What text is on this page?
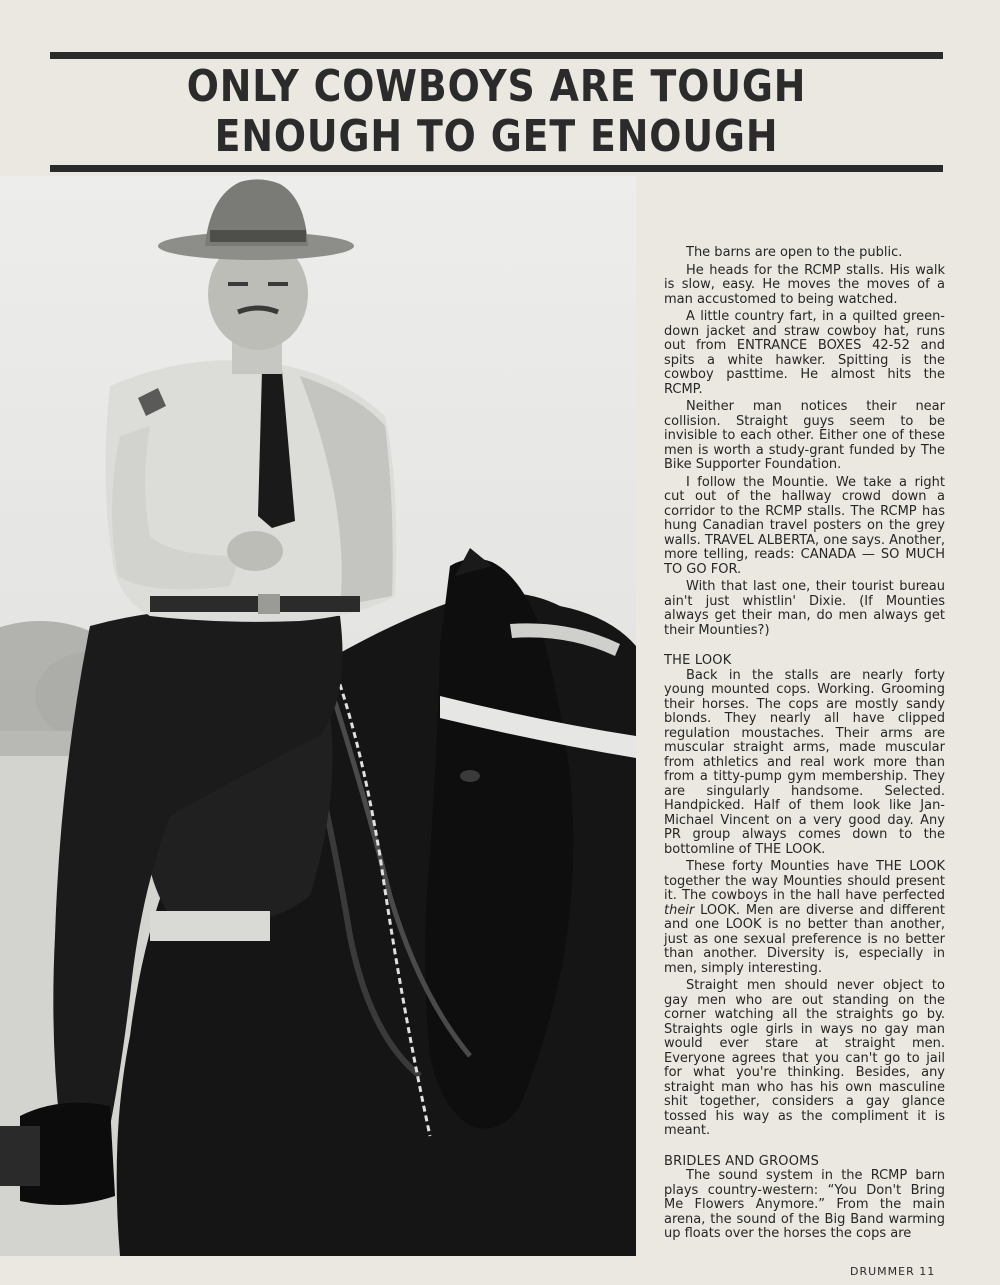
ONLY COWBOYS ARE TOUGH
ENOUGH TO GET ENOUGH

The barns are open to the public.

He heads for the RCMP stalls. His walk is slow, easy. He moves the moves of a man accustomed to being watched.

A little country fart, in a quilted green-down jacket and straw cowboy hat, runs out from ENTRANCE BOXES 42-52 and spits a white hawker. Spitting is the cowboy pasttime. He almost hits the RCMP.

Neither man notices their near collision. Straight guys seem to be invisible to each other. Either one of these men is worth a study-grant funded by The Bike Supporter Foundation.

I follow the Mountie. We take a right cut out of the hallway crowd down a corridor to the RCMP stalls. The RCMP has hung Canadian travel posters on the grey walls. TRAVEL ALBERTA, one says. Another, more telling, reads: CANADA — SO MUCH TO GO FOR.

With that last one, their tourist bureau ain't just whistlin' Dixie. (If Mounties always get their man, do men always get their Mounties?)

THE LOOK

Back in the stalls are nearly forty young mounted cops. Working. Grooming their horses. The cops are mostly sandy blonds. They nearly all have clipped regulation moustaches. Their arms are muscular straight arms, made muscular from athletics and real work more than from a titty-pump gym membership. They are singularly handsome. Selected. Handpicked. Half of them look like Jan-Michael Vincent on a very good day. Any PR group always comes down to the bottomline of THE LOOK.

These forty Mounties have THE LOOK together the way Mounties should present it. The cowboys in the hall have perfected their LOOK. Men are diverse and different and one LOOK is no better than another, just as one sexual preference is no better than another. Diversity is, especially in men, simply interesting.

Straight men should never object to gay men who are out standing on the corner watching all the straights go by. Straights ogle girls in ways no gay man would ever stare at straight men. Everyone agrees that you can't go to jail for what you're thinking. Besides, any straight man who has his own masculine shit together, considers a gay glance tossed his way as the compliment it is meant.

BRIDLES AND GROOMS

The sound system in the RCMP barn plays country-western: “You Don't Bring Me Flowers Anymore.” From the main arena, the sound of the Big Band warming up floats over the horses the cops are

DRUMMER 11
